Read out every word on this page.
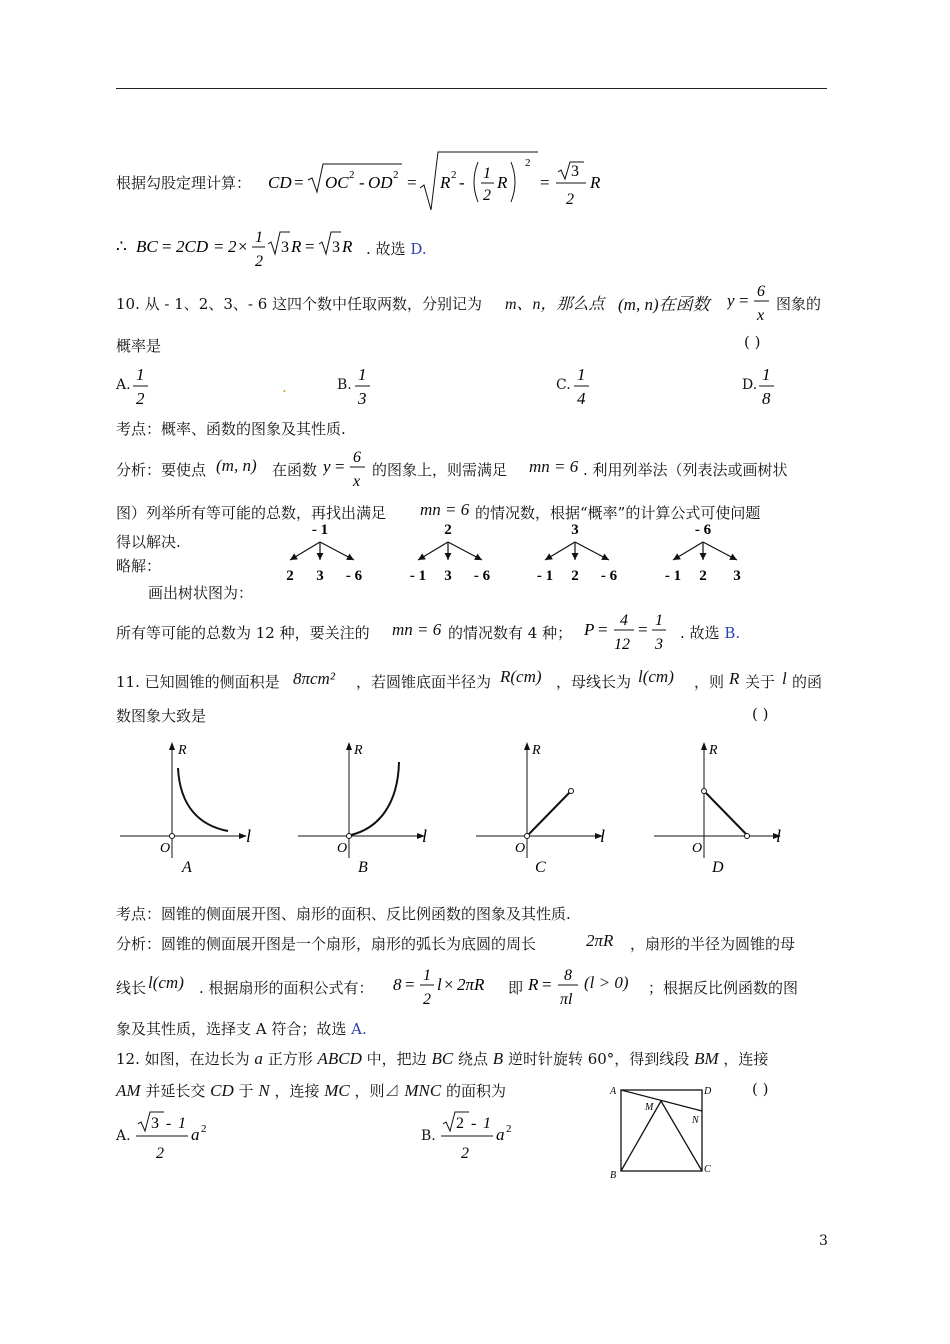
根据勾股定理计算： CD = OC 2 - OD 2 = R 2 - 1
2
R
2
=
3
2
R
∴ BC = 2CD = 2 × 1
2
3 R = 3 R . 故选 D.
10. 从 - 1、2、3、- 6 这四个数中任取两数，分别记为 m、n，那么点 (m, n)在函数 y = 6
x
图象的
概率是	( )
A.
1
2
.	B.
1
3
C.
1
4
D.
1
8
考点：概率、函数的图象及其性质.
分析：要使点 (m, n) 在函数 y = 6
x
的图象上，则需满足 mn = 6 . 利用列举法（列表法或画树状
图）列举所有等可能的总数，再找出满足 mn = 6 的情况数，根据“概率”的计算公式可使问题
得以解决.
略解：
画出树状图为：
- 1
2 3 - 6
2
- 1 3 - 6
3
- 1 2 - 6
- 6
- 1 2 3
所有等可能的总数为 12 种，要关注的 mn = 6 的情况数有 4 种； P = 4
12
= 1
3
. 故选 B.
11. 已知圆锥的侧面积是 8πcm² ，若圆锥底面半径为 R(cm) ，母线长为 l(cm) ，则 R 关于 l 的函
数图象大致是	( )
R
l
O
A
R
l
O
B
R
l
O
C
R
l
O
D
考点：圆锥的侧面展开图、扇形的面积、反比例函数的图象及其性质.
分析：圆锥的侧面展开图是一个扇形，扇形的弧长为底圆的周长	2πR ，扇形的半径为圆锥的母
线长 l(cm) . 根据扇形的面积公式有： 8 = 1
2
l × 2πR 即 R = 8
πl
(l > 0) ；根据反比例函数的图
象及其性质，选择支 A 符合；故选 A.
12. 如图，在边长为 a 正方形 ABCD 中，把边 BC 绕点 B 逆时针旋转 60°，得到线段 BM ，连接
AM 并延长交 CD 于 N ，连接 MC ，则⊿ MNC 的面积为	( )
A.
3 - 1
2
a 2	B.
2 - 1
2
a 2
A	D
B
C
M
N
3
